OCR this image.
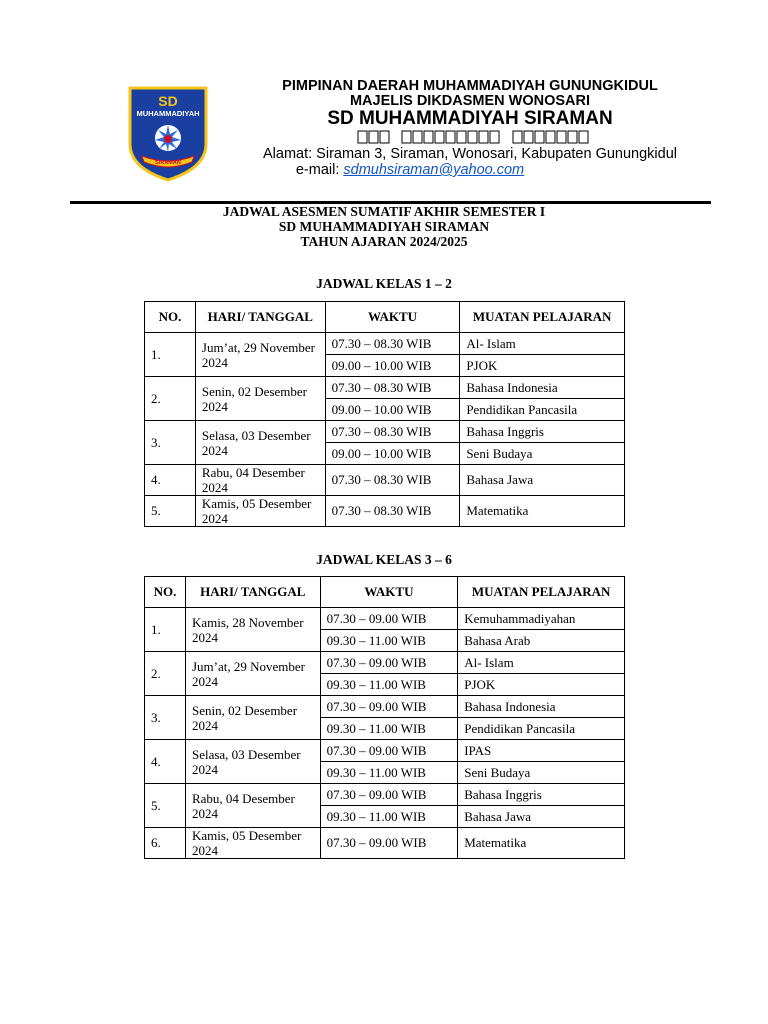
SD
MUHAMMADIYAH
SIRAMAN
PIMPINAN DAERAH MUHAMMADIYAH GUNUNGKIDUL
MAJELIS DIKDASMEN WONOSARI
SD MUHAMMADIYAH SIRAMAN
Alamat: Siraman 3, Siraman, Wonosari, Kabupaten Gunungkidul
e-mail: sdmuhsiraman@yahoo.com
JADWAL ASESMEN SUMATIF AKHIR SEMESTER I
SD MUHAMMADIYAH SIRAMAN
TAHUN AJARAN 2024/2025
JADWAL KELAS 1 – 2
NO.	HARI/ TANGGAL	WAKTU	MUATAN PELAJARAN
1.	Jum’at, 29 November 2024	07.30 – 08.30 WIB	Al- Islam
		09.00 – 10.00 WIB	PJOK
2.	Senin, 02 Desember 2024	07.30 – 08.30 WIB	Bahasa Indonesia
		09.00 – 10.00 WIB	Pendidikan Pancasila
3.	Selasa, 03 Desember 2024	07.30 – 08.30 WIB	Bahasa Inggris
		09.00 – 10.00 WIB	Seni Budaya
4.	Rabu, 04 Desember 2024	07.30 – 08.30 WIB	Bahasa Jawa
5.	Kamis, 05 Desember 2024	07.30 – 08.30 WIB	Matematika
JADWAL KELAS 3 – 6
NO.	HARI/ TANGGAL	WAKTU	MUATAN PELAJARAN
1.	Kamis, 28 November 2024	07.30 – 09.00 WIB	Kemuhammadiyahan
		09.30 – 11.00 WIB	Bahasa Arab
2.	Jum’at, 29 November 2024	07.30 – 09.00 WIB	Al- Islam
		09.30 – 11.00 WIB	PJOK
3.	Senin, 02 Desember 2024	07.30 – 09.00 WIB	Bahasa Indonesia
		09.30 – 11.00 WIB	Pendidikan Pancasila
4.	Selasa, 03 Desember 2024	07.30 – 09.00 WIB	IPAS
		09.30 – 11.00 WIB	Seni Budaya
5.	Rabu, 04 Desember 2024	07.30 – 09.00 WIB	Bahasa Inggris
		09.30 – 11.00 WIB	Bahasa Jawa
6.	Kamis, 05 Desember 2024	07.30 – 09.00 WIB	Matematika
